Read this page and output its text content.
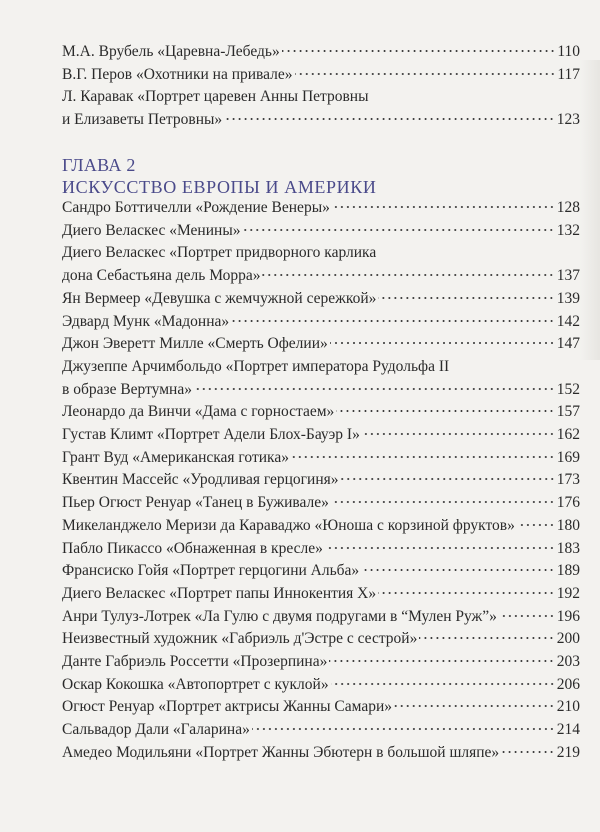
М.А. Врубель «Царевна-Лебедь»	110
В.Г. Перов «Охотники на привале»	117
Л. Каравак «Портрет царевен Анны Петровны
и Елизаветы Петровны»	123
ГЛАВА 2
ИСКУССТВО ЕВРОПЫ И АМЕРИКИ
Сандро Боттичелли «Рождение Венеры»	128
Диего Веласкес «Менины»	132
Диего Веласкес «Портрет придворного карлика
дона Себастьяна дель Морра»	137
Ян Вермеер «Девушка с жемчужной сережкой»	139
Эдвард Мунк «Мадонна»	142
Джон Эверетт Милле «Смерть Офелии»	147
Джузеппе Арчимбольдо «Портрет императора Рудольфа II
в образе Вертумна»	152
Леонардо да Винчи «Дама с горностаем»	157
Густав Климт «Портрет Адели Блох-Бауэр I»	162
Грант Вуд «Американская готика»	169
Квентин Массейс «Уродливая герцогиня»	173
Пьер Огюст Ренуар «Танец в Буживале»	176
Микеланджело Меризи да Караваджо «Юноша с корзиной фруктов»	180
Пабло Пикассо «Обнаженная в кресле»	183
Франсиско Гойя «Портрет герцогини Альба»	189
Диего Веласкес «Портрет папы Иннокентия X»	192
Анри Тулуз-Лотрек «Ла Гулю с двумя подругами в “Мулен Руж”»	196
Неизвестный художник «Габриэль д'Эстре с сестрой»	200
Данте Габриэль Россетти «Прозерпина»	203
Оскар Кокошка «Автопортрет с куклой»	206
Огюст Ренуар «Портрет актрисы Жанны Самари»	210
Сальвадор Дали «Галарина»	214
Амедео Модильяни «Портрет Жанны Эбютерн в большой шляпе»	219
